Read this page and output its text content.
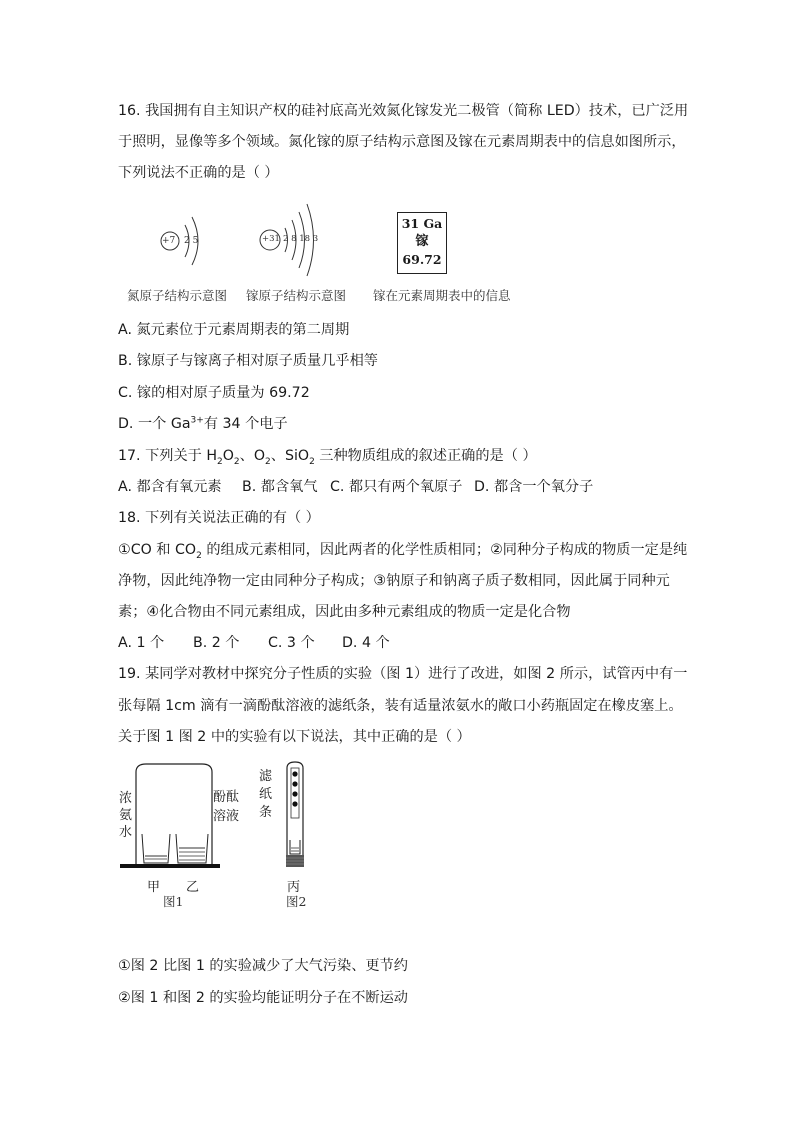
16. 我国拥有自主知识产权的硅衬底高光效氮化镓发光二极管（简称 LED）技术，已广泛用
于照明，显像等多个领域。氮化镓的原子结构示意图及镓在元素周期表中的信息如图所示，
下列说法不正确的是（ ）
+7 2 5
氮原子结构示意图
+31 2 8 18 3
镓原子结构示意图
31 Ga
镓
69.72
镓在元素周期表中的信息
A. 氮元素位于元素周期表的第二周期
B. 镓原子与镓离子相对原子质量几乎相等
C. 镓的相对原子质量为 69.72
D. 一个 $Ga^{3+}$有 34 个电子
17. 下列关于 $H_2O_2$、$O_2$、SiO$_2$ 三种物质组成的叙述正确的是（ ）
A. 都含有氧元素 B. 都含氧气 C. 都只有两个氧原子 D. 都含一个氧分子
18. 下列有关说法正确的有（ ）
①CO 和 $CO_2$ 的组成元素相同，因此两者的化学性质相同；②同种分子构成的物质一定是纯
净物，因此纯净物一定由同种分子构成；③钠原子和钠离子质子数相同，因此属于同种元
素；④化合物由不同元素组成，因此由多种元素组成的物质一定是化合物
A. 1 个 B. 2 个 C. 3 个 D. 4 个
19. 某同学对教材中探究分子性质的实验（图 1）进行了改进，如图 2 所示，试管丙中有一
张每隔 1cm 滴有一滴酚酞溶液的滤纸条，装有适量浓氨水的敞口小药瓶固定在橡皮塞上。
关于图 1 图 2 中的实验有以下说法，其中正确的是（ ）
浓氨水
酚酞溶液
甲 乙
图1
滤纸条
丙
图2
①图 2 比图 1 的实验减少了大气污染、更节约
②图 1 和图 2 的实验均能证明分子在不断运动
